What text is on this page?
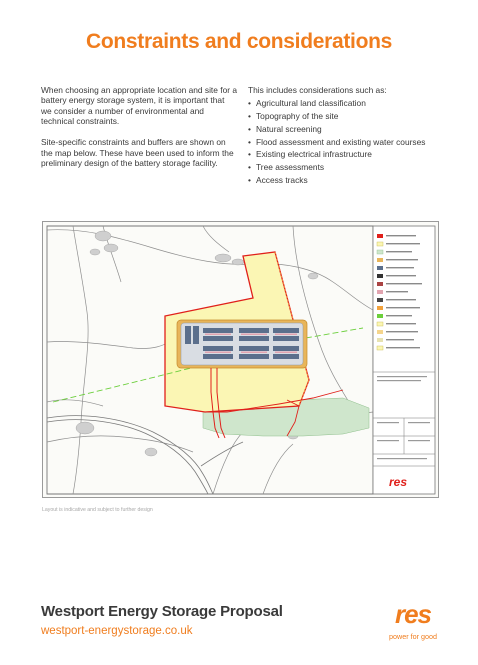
Constraints and considerations

When choosing an appropriate location and site for a battery energy storage system, it is important that we consider a number of environmental and technical constraints.

Site-specific constraints and buffers are shown on the map below. These have been used to inform the preliminary design of the battery storage facility.

This includes considerations such as:
• Agricultural land classification
• Topography of the site
• Natural screening
• Flood assessment and existing water courses
• Existing electrical infrastructure
• Tree assessments
• Access tracks
res
Layout is indicative and subject to further design
Westport Energy Storage Proposal
westport-energystorage.co.uk
res
power for good
